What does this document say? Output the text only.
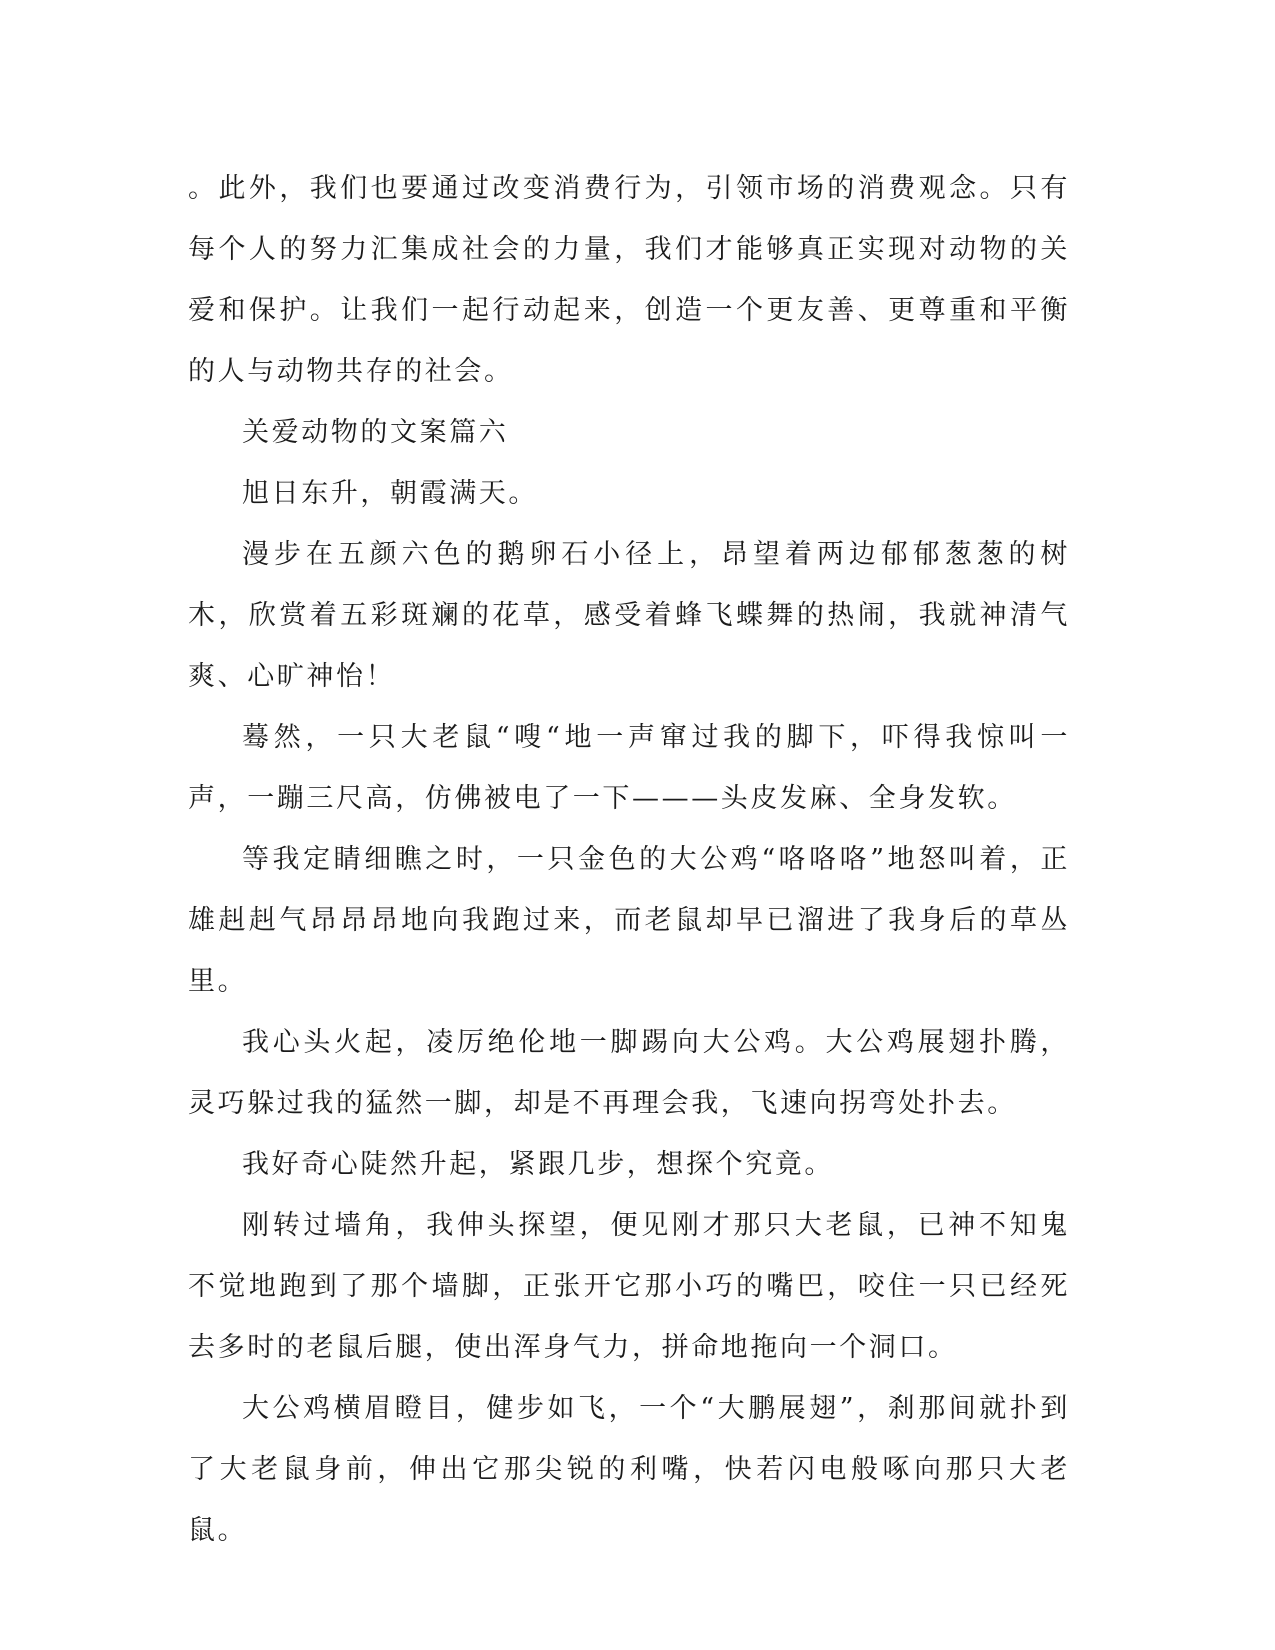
。此外，我们也要通过改变消费行为，引领市场的消费观念。只有每个人的努力汇集成社会的力量，我们才能够真正实现对动物的关爱和保护。让我们一起行动起来，创造一个更友善、更尊重和平衡的人与动物共存的社会。

关爱动物的文案篇六

旭日东升，朝霞满天。

漫步在五颜六色的鹅卵石小径上，昂望着两边郁郁葱葱的树木，欣赏着五彩斑斓的花草，感受着蜂飞蝶舞的热闹，我就神清气爽、心旷神怡！

蓦然，一只大老鼠“嗖“地一声窜过我的脚下，吓得我惊叫一声，一蹦三尺高，仿佛被电了一下———头皮发麻、全身发软。

等我定睛细瞧之时，一只金色的大公鸡“咯咯咯”地怒叫着，正雄赳赳气昂昂昂地向我跑过来，而老鼠却早已溜进了我身后的草丛里。

我心头火起，凌厉绝伦地一脚踢向大公鸡。大公鸡展翅扑腾，灵巧躲过我的猛然一脚，却是不再理会我，飞速向拐弯处扑去。

我好奇心陡然升起，紧跟几步，想探个究竟。

刚转过墙角，我伸头探望，便见刚才那只大老鼠，已神不知鬼不觉地跑到了那个墙脚，正张开它那小巧的嘴巴，咬住一只已经死去多时的老鼠后腿，使出浑身气力，拼命地拖向一个洞口。

大公鸡横眉瞪目，健步如飞，一个“大鹏展翅”，刹那间就扑到了大老鼠身前，伸出它那尖锐的利嘴，快若闪电般啄向那只大老鼠。
